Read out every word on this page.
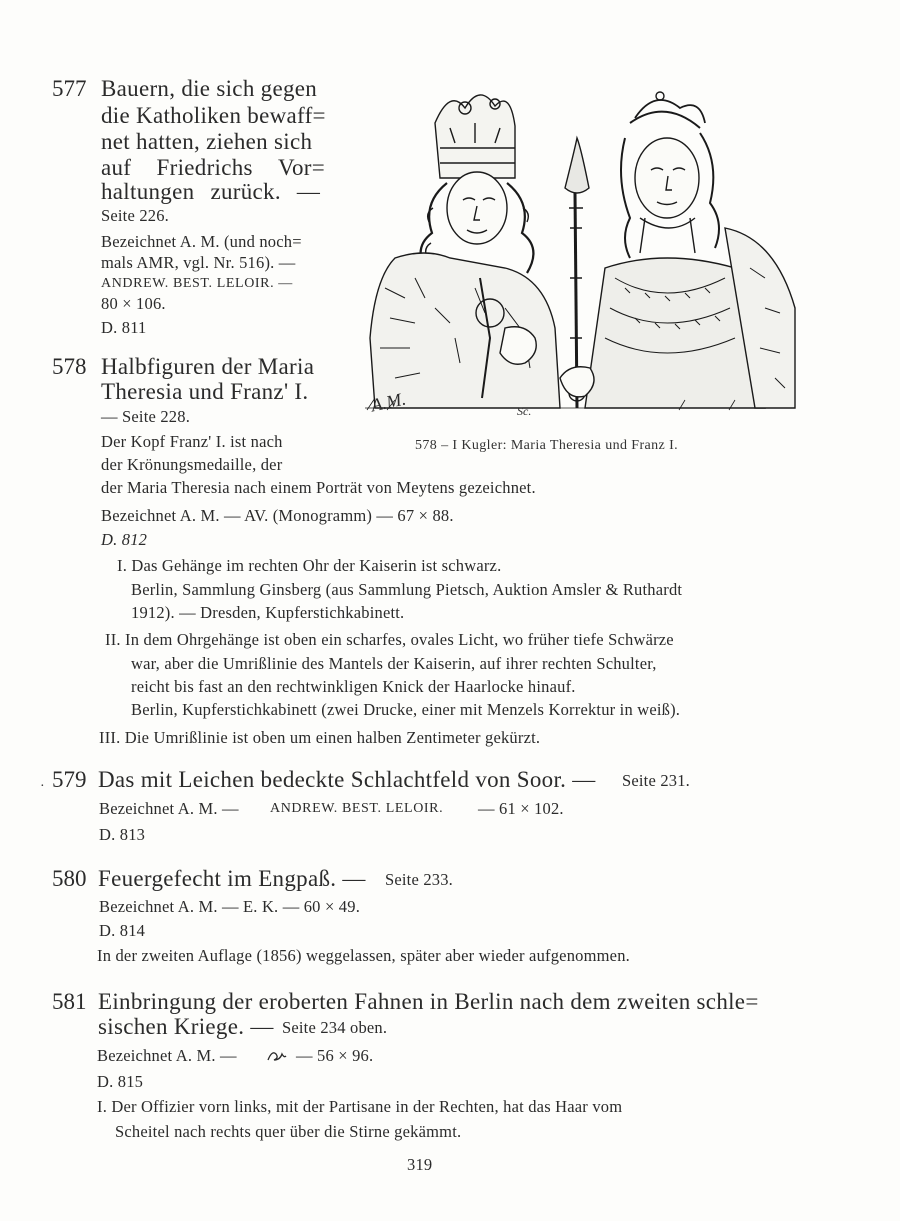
577 Bauern, die sich gegen
die Katholiken bewaff=
net hatten, ziehen sich
auf Friedrichs Vor=
haltungen zurück. —
Seite 226.
Bezeichnet A. M. (und noch=
mals AMR, vgl. Nr. 516). —
ANDREW. BEST. LELOIR. —
80 × 106.
D. 811
A.M.	Sc.
578 – I Kugler: Maria Theresia und Franz I.
578 Halbfiguren der Maria
Theresia und Franz' I.
— Seite 228.
Der Kopf Franz' I. ist nach
der Krönungsmedaille, der
der Maria Theresia nach einem Porträt von Meytens gezeichnet.
Bezeichnet A. M. — AV. (Monogramm) — 67 × 88.
D. 812
I. Das Gehänge im rechten Ohr der Kaiserin ist schwarz.
Berlin, Sammlung Ginsberg (aus Sammlung Pietsch, Auktion Amsler & Ruthardt
1912). — Dresden, Kupferstichkabinett.
II. In dem Ohrgehänge ist oben ein scharfes, ovales Licht, wo früher tiefe Schwärze
war, aber die Umrißlinie des Mantels der Kaiserin, auf ihrer rechten Schulter,
reicht bis fast an den rechtwinkligen Knick der Haarlocke hinauf.
Berlin, Kupferstichkabinett (zwei Drucke, einer mit Menzels Korrektur in weiß).
III. Die Umrißlinie ist oben um einen halben Zentimeter gekürzt.
· 579 Das mit Leichen bedeckte Schlachtfeld von Soor. — Seite 231.
Bezeichnet A. M. — ANDREW. BEST. LELOIR. — 61 × 102.
D. 813
580 Feuergefecht im Engpaß. — Seite 233.
Bezeichnet A. M. — E. K. — 60 × 49.
D. 814
In der zweiten Auflage (1856) weggelassen, später aber wieder aufgenommen.
581 Einbringung der eroberten Fahnen in Berlin nach dem zweiten schle=
sischen Kriege. — Seite 234 oben.
Bezeichnet A. M. —	— 56 × 96.
D. 815
I. Der Offizier vorn links, mit der Partisane in der Rechten, hat das Haar vom
Scheitel nach rechts quer über die Stirne gekämmt.
319
